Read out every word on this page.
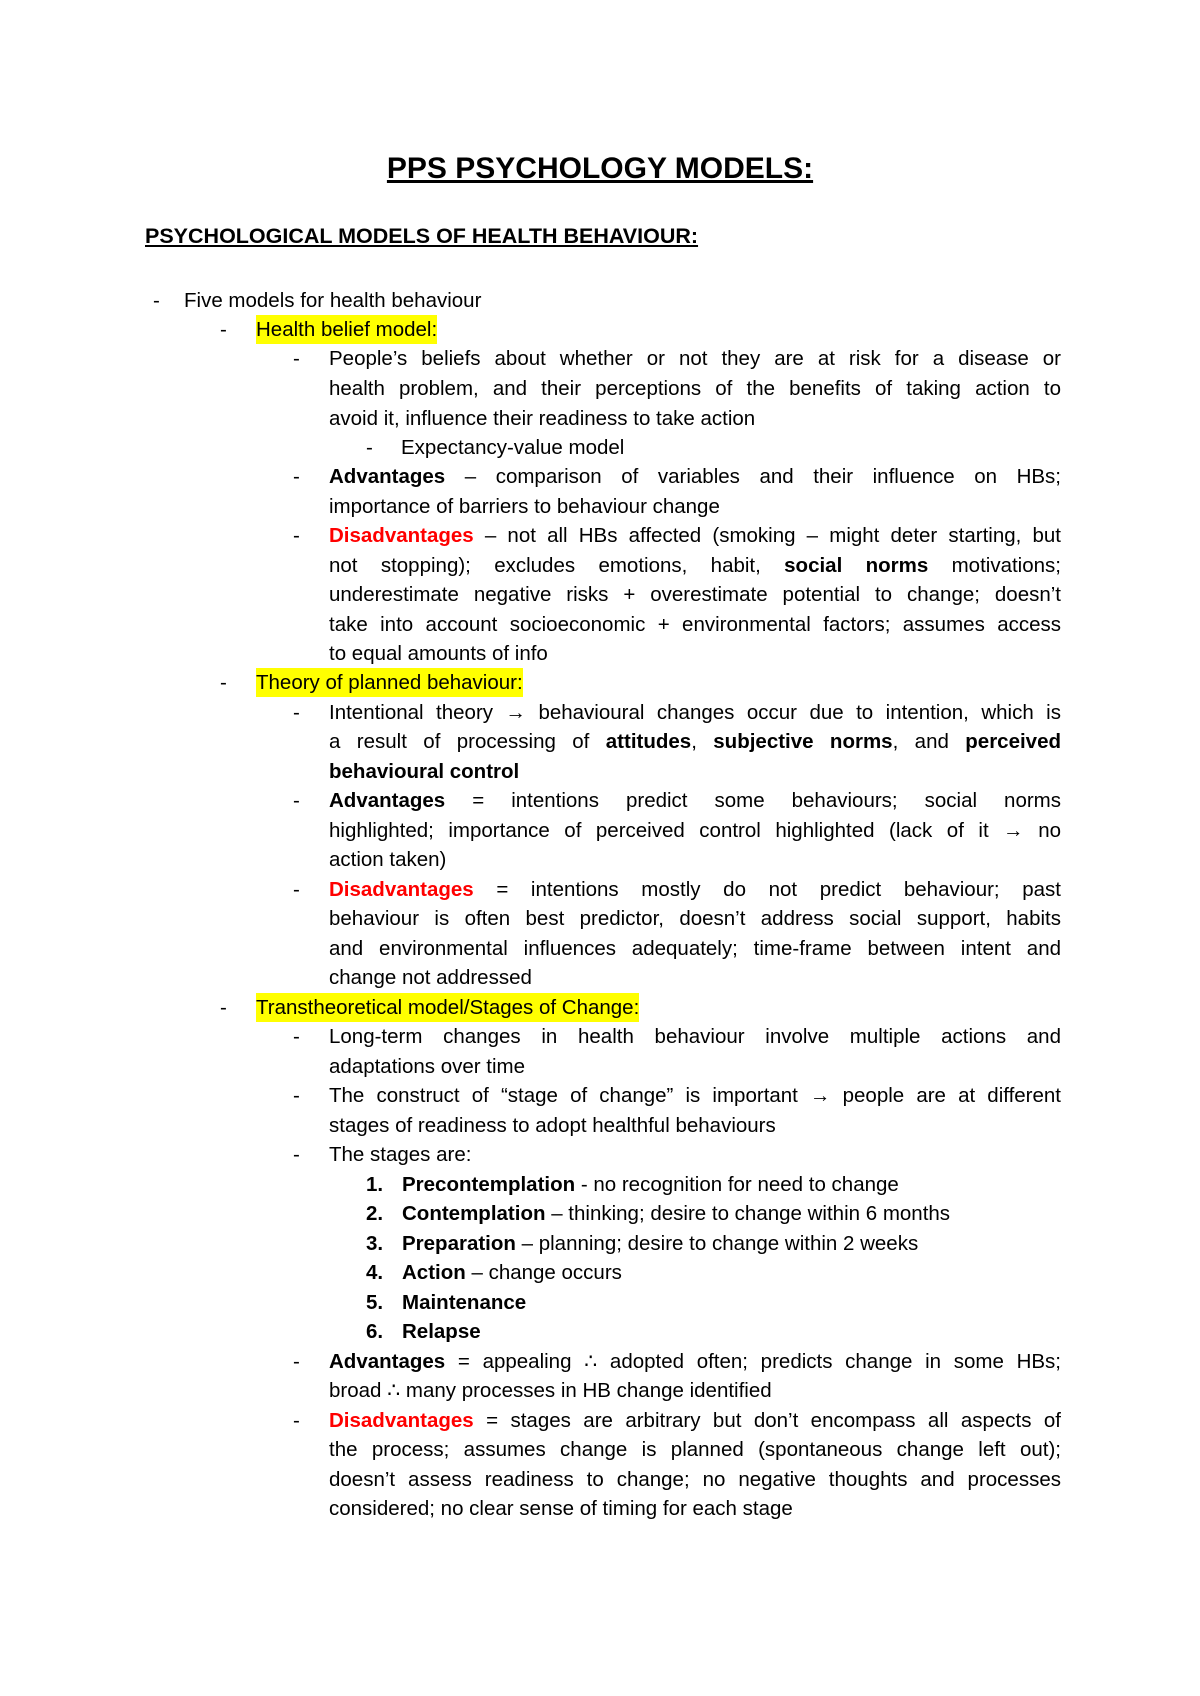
PPS PSYCHOLOGY MODELS:
PSYCHOLOGICAL MODELS OF HEALTH BEHAVIOUR:
- Five models for health behaviour
- Health belief model:
- People’s beliefs about whether or not they are at risk for a disease or
health problem, and their perceptions of the benefits of taking action to
avoid it, influence their readiness to take action
- Expectancy-value model
- Advantages – comparison of variables and their influence on HBs;
importance of barriers to behaviour change
- Disadvantages – not all HBs affected (smoking – might deter starting, but
not stopping); excludes emotions, habit, social norms motivations;
underestimate negative risks + overestimate potential to change; doesn’t
take into account socioeconomic + environmental factors; assumes access
to equal amounts of info
- Theory of planned behaviour:
- Intentional theory → behavioural changes occur due to intention, which is
a result of processing of attitudes, subjective norms, and perceived
behavioural control
- Advantages = intentions predict some behaviours; social norms
highlighted; importance of perceived control highlighted (lack of it → no
action taken)
- Disadvantages = intentions mostly do not predict behaviour; past
behaviour is often best predictor, doesn’t address social support, habits
and environmental influences adequately; time-frame between intent and
change not addressed
- Transtheoretical model/Stages of Change:
- Long-term changes in health behaviour involve multiple actions and
adaptations over time
- The construct of “stage of change” is important → people are at different
stages of readiness to adopt healthful behaviours
- The stages are:
1. Precontemplation - no recognition for need to change
2. Contemplation – thinking; desire to change within 6 months
3. Preparation – planning; desire to change within 2 weeks
4. Action – change occurs
5. Maintenance
6. Relapse
- Advantages = appealing ∴ adopted often; predicts change in some HBs;
broad ∴ many processes in HB change identified
- Disadvantages = stages are arbitrary but don’t encompass all aspects of
the process; assumes change is planned (spontaneous change left out);
doesn’t assess readiness to change; no negative thoughts and processes
considered; no clear sense of timing for each stage
